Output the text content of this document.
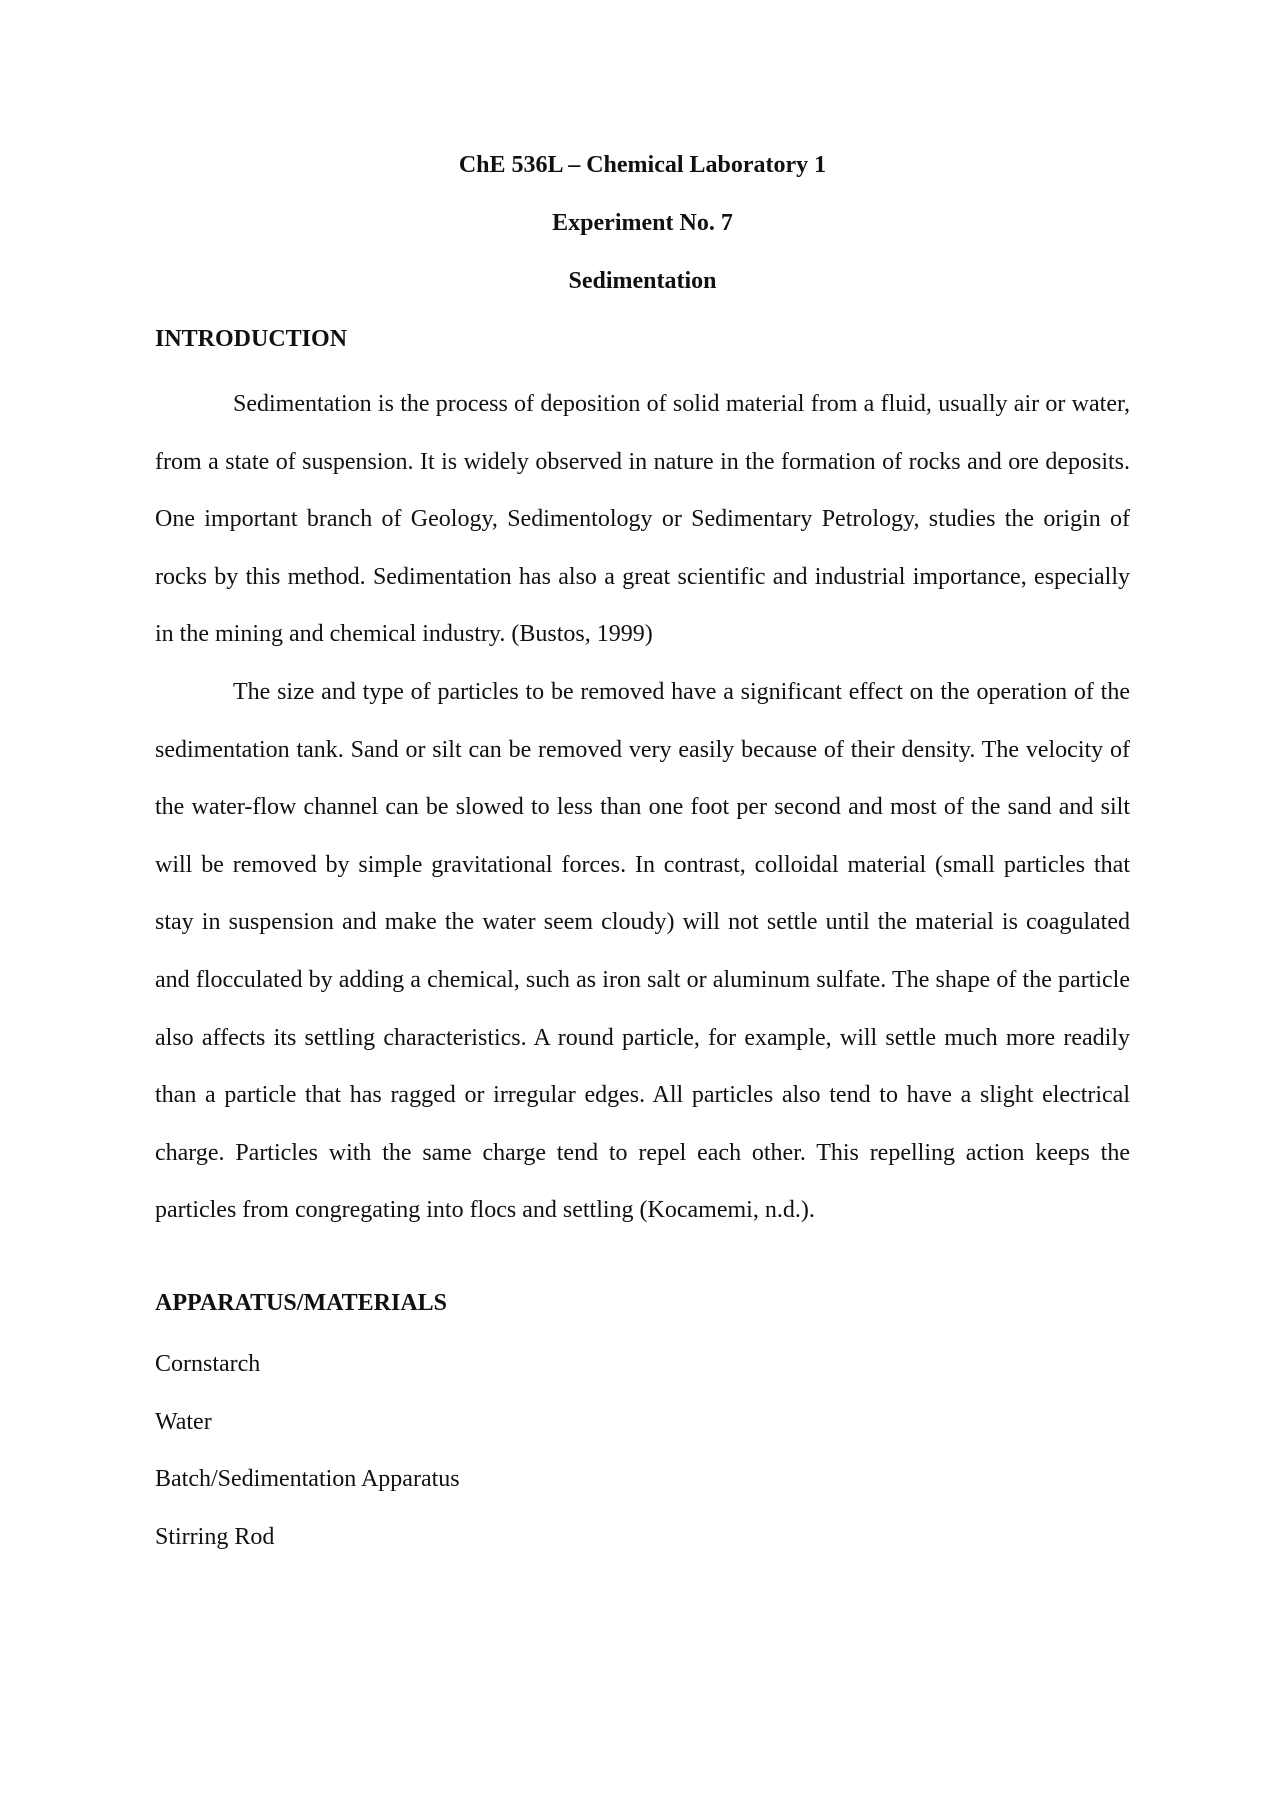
ChE 536L – Chemical Laboratory 1
Experiment No. 7
Sedimentation
INTRODUCTION

Sedimentation is the process of deposition of solid material from a fluid, usually air or water, from a state of suspension. It is widely observed in nature in the formation of rocks and ore deposits. One important branch of Geology, Sedimentology or Sedimentary Petrology, studies the origin of rocks by this method. Sedimentation has also a great scientific and industrial importance, especially in the mining and chemical industry. (Bustos, 1999)

The size and type of particles to be removed have a significant effect on the operation of the sedimentation tank. Sand or silt can be removed very easily because of their density. The velocity of the water-flow channel can be slowed to less than one foot per second and most of the sand and silt will be removed by simple gravitational forces. In contrast, colloidal material (small particles that stay in suspension and make the water seem cloudy) will not settle until the material is coagulated and flocculated by adding a chemical, such as iron salt or aluminum sulfate. The shape of the particle also affects its settling characteristics. A round particle, for example, will settle much more readily than a particle that has ragged or irregular edges. All particles also tend to have a slight electrical charge. Particles with the same charge tend to repel each other. This repelling action keeps the particles from congregating into flocs and settling (Kocamemi, n.d.).

APPARATUS/MATERIALS
Cornstarch
Water
Batch/Sedimentation Apparatus
Stirring Rod
